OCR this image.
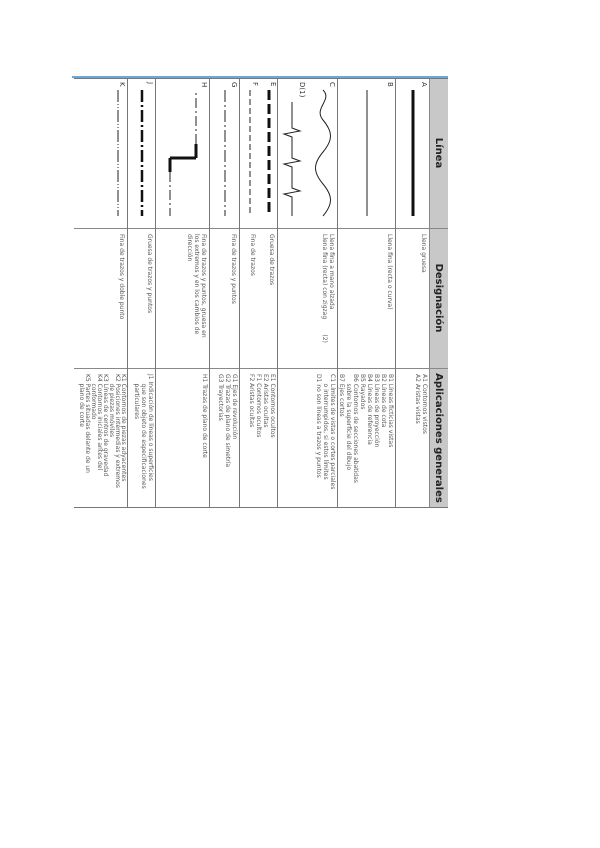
Línea
Designación
Aplicaciones generales
A
Llena gruesa
A1 Contornos vistos
A2 Aristas vistas
B
Llena fina (recta o curva)
B1 Líneas ficticias vistas
B2 Líneas de cota
B3 Líneas de proyección
B4 Líneas de referencia
B5 Rayados
B6 Contornos de secciones abatidas
sobre la superficie del dibujo
B7 Ejes cortos
C
D(1)
Llena fina a mano alzada
Llena fina (recta) con zigzag        (2)
C1 Límites de vistas o cortes parciales
o interrumpidos, si estos límites
D1 no son líneas a trazos y puntos
E
F
Gruesa de trazos
Fina de trazos
E1 Contornos ocultos
E2 Aristas ocultas
F1 Contornos ocultos
F2 Aristas ocultas
G
Fina de trazos y puntos
G1 Ejes de revolución
G2 Trazas de plano de simetría
G3 Trayectorias
H
Fina de trazos y puntos, gruesa en
los extremos y en los cambios de
dirección
H1 Trazas de plano de corte
J
Gruesa de trazos y puntos
J1 Indicación de líneas o superficies
que son objeto de especificaciones
particulares
K
Fina de trazos y doble punto
K1 Contornos de piezas adyacentes
K2 Posiciones intermedias y extremos
de piezas móviles
K3 Líneas de centros de gravedad
K4 Contornos iniciales antes del
conformado
K5 Partes situadas delante de un
plano de corte
